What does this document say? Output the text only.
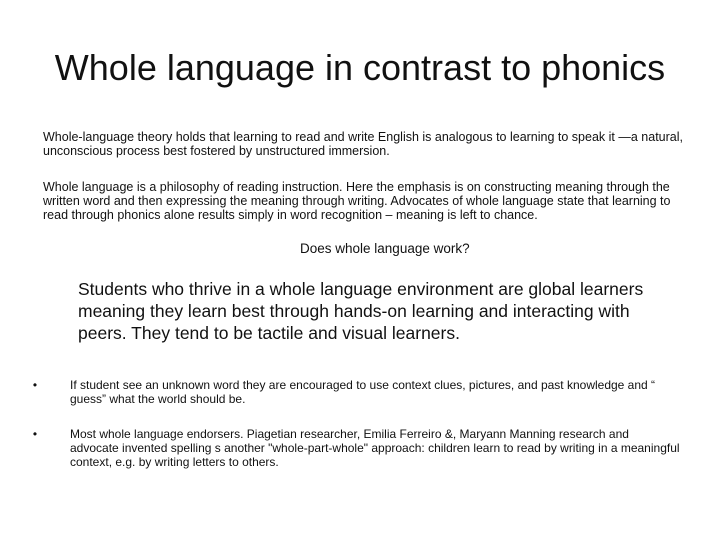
Whole language in contrast to phonics

Whole-language theory holds that learning to read and write English is analogous to learning to speak it —a natural, unconscious process best fostered by unstructured immersion.

Whole language is a philosophy of reading instruction. Here the emphasis is on constructing meaning through the written word and then expressing the meaning through writing. Advocates of whole language state that learning to read through phonics alone results simply in word recognition – meaning is left to chance.

Does whole language work?

Students who thrive in a whole language environment are global learners meaning they learn best through hands-on learning and interacting with peers. They tend to be tactile and visual learners.

•	If student see an unknown word they are encouraged to use context clues, pictures, and past knowledge and “ guess” what the world should be.
•	Most whole language endorsers. Piagetian researcher, Emilia Ferreiro &, Maryann Manning research and advocate invented spelling s another "whole-part-whole" approach: children learn to read by writing in a meaningful context, e.g. by writing letters to others.
